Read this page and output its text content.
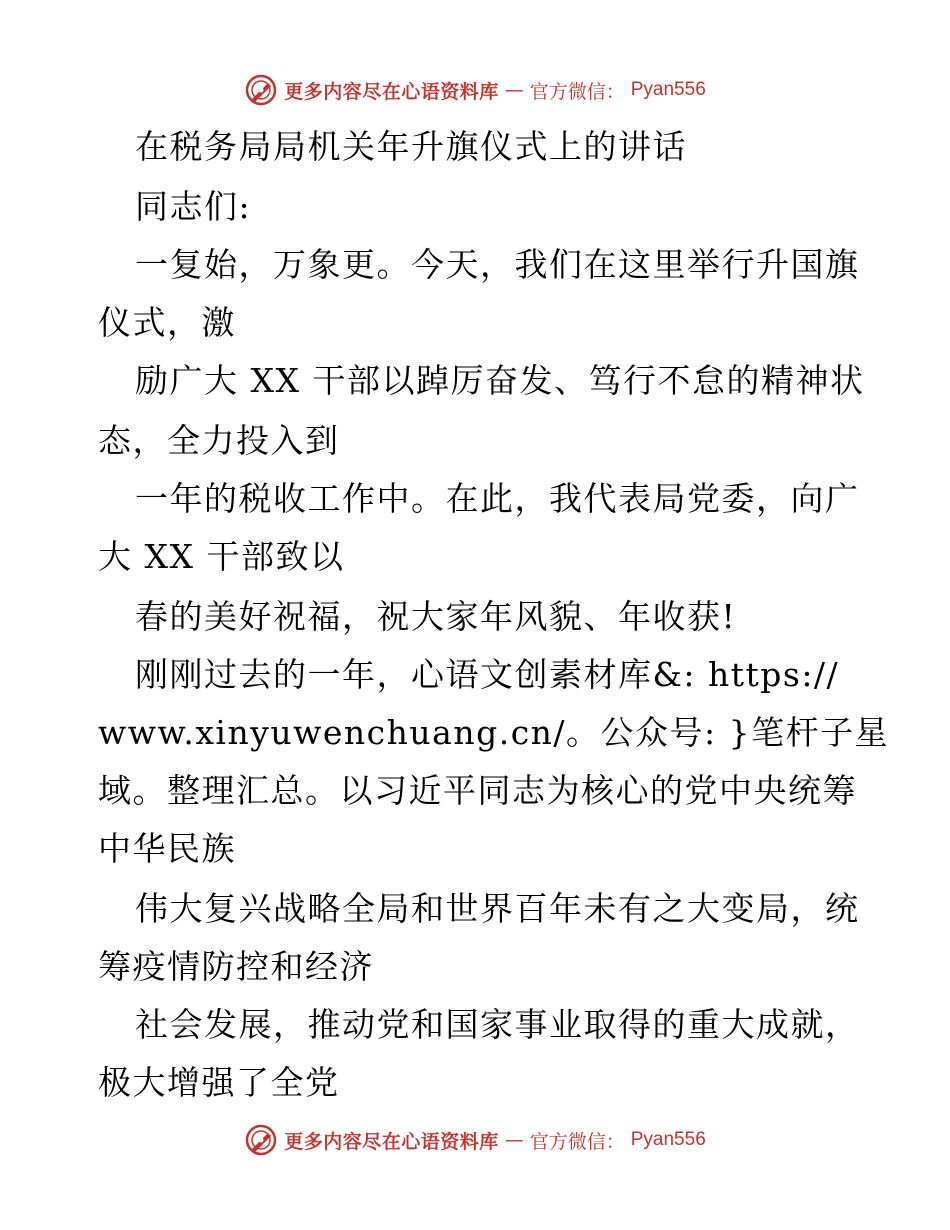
更多内容尽在心语资料库 — 官方微信： Pyan556
在税务局局机关年升旗仪式上的讲话
同志们:
一复始，万象更。今天，我们在这里举行升国旗
仪式，激
励广大 XX 干部以踔厉奋发、笃行不怠的精神状
态，全力投入到
一年的税收工作中。在此，我代表局党委，向广
大 XX 干部致以
春的美好祝福，祝大家年风貌、年收获!
刚刚过去的一年，心语文创素材库&: https://
www.xinyuwenchuang.cn/。公众号: }笔杆子星
域。整理汇总。以习近平同志为核心的党中央统筹
中华民族
伟大复兴战略全局和世界百年未有之大变局，统
筹疫情防控和经济
社会发展，推动党和国家事业取得的重大成就，
极大增强了全党
更多内容尽在心语资料库 — 官方微信： Pyan556
